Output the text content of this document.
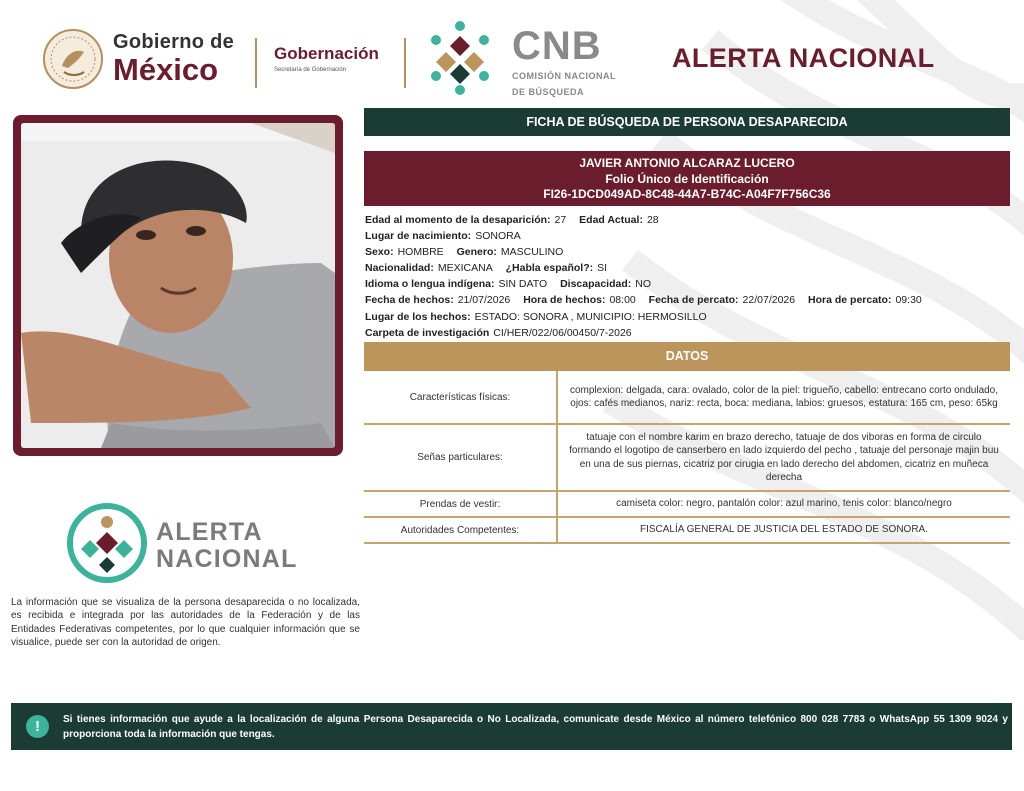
Gobierno de
México	Gobernación
Secretaría de Gobernación
CNB
COMISIÓN NACIONAL
DE BÚSQUEDA
ALERTA NACIONAL
FICHA DE BÚSQUEDA DE PERSONA DESAPARECIDA
JAVIER ANTONIO ALCARAZ LUCERO
Folio Único de Identificación
FI26-1DCD049AD-8C48-44A7-B74C-A04F7F756C36
Edad al momento de la desaparición: 27 Edad Actual: 28
Lugar de nacimiento: SONORA
Sexo: HOMBRE Genero: MASCULINO
Nacionalidad: MEXICANA ¿Habla español?: SI
Idioma o lengua indígena: SIN DATO Discapacidad: NO
Fecha de hechos: 21/07/2026 Hora de hechos: 08:00 Fecha de percato: 22/07/2026 Hora de percato: 09:30
Lugar de los hechos: ESTADO: SONORA , MUNICIPIO: HERMOSILLO
Carpeta de investigación CI/HER/022/06/00450/7-2026
DATOS
Características físicas:
complexion: delgada, cara: ovalado, color de la piel: trigueño, cabello: entrecano corto ondulado, ojos: cafés medianos, nariz: recta, boca: mediana, labios: gruesos, estatura: 165 cm, peso: 65kg
Señas particulares:
tatuaje con el nombre karim en brazo derecho, tatuaje de dos viboras en forma de circulo formando el logotipo de canserbero en lado izquierdo del pecho , tatuaje del personaje majin buu en una de sus piernas, cicatriz por cirugia en lado derecho del abdomen, cicatriz en muñeca derecha
Prendas de vestir:	camiseta color: negro, pantalón color: azul marino, tenis color: blanco/negro
Autoridades Competentes:	FISCALÍA GENERAL DE JUSTICIA DEL ESTADO DE SONORA.
ALERTA
NACIONAL
La información que se visualiza de la persona desaparecida o no localizada, es recibida e integrada por las autoridades de la Federación y de las Entidades Federativas competentes, por lo que cualquier información que se visualice, puede ser con la autoridad de origen.
!	Si tienes información que ayude a la localización de alguna Persona Desaparecida o No Localizada, comunicate desde México al número telefónico 800 028 7783 o WhatsApp 55 1309 9024 y proporciona toda la información que tengas.
